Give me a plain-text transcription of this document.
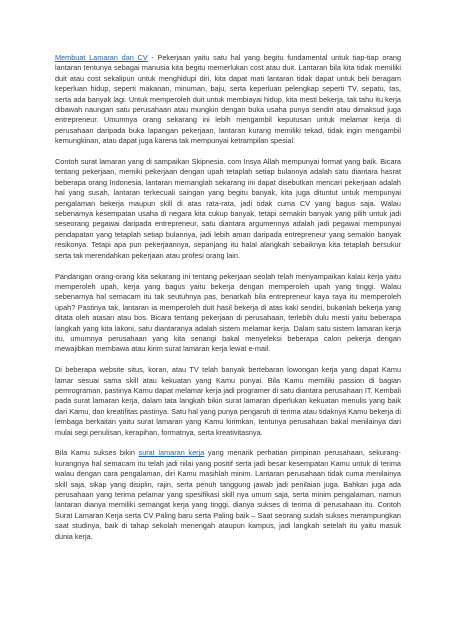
Membuat Lamaran dan CV - Pekerjaan yaitu satu hal yang begitu fundamental untuk tiap-tiap orang lantaran tentunya sebagai manusia kita begitu memerlukan cost atau duit. Lantaran bila kita tidak memiliki duit atau cost sekalipun untuk menghidupi diri, kita dapat mati lantaran tidak dapat untuk beli beragam keperluan hidup, seperti makanan, minuman, baju, serta keperluan pelengkap seperti TV, sepatu, tas, serta ada banyak lagi. Untuk memperoleh duit untuk membiayai hidup, kita mesti bekerja, tak tahu itu kerja dibawah naungan satu perusahaan atau mungkin dengan buka usaha punya sendiri atau dimaksud juga entrepreneur. Umumnya orang sekarang ini lebih mengambil keputusan untuk melamar kerja di perusahaan daripada buka lapangan pekerjaan, lantaran kurang memiliki tekad, tidak ingin mengambil kemungkinan, atau dapat juga karena tak mempunyai ketrampilan spesial.

Contoh surat lamaran yang di sampaikan Skipnesia. com Insya Allah mempunyai format yang baik. Bicara tentang pekerjaan, memiki pekerjaan dengan upah tetaplah setiap bulannya adalah satu diantara hasrat beberapa orang Indonesia, lantaran memanglah sekarang ini dapat disebutkan mencari pekerjaan adalah hal yang susah, lantaran terkecuali saingan yang begitu banyak, kita juga dituntut untuk mempunyai pengalaman bekerja maupun skill di atas rata-rata, jadi tidak cuma CV yang bagus saja. Walau sebenarnya kesempatan usaha di negara kita cukup banyak, tetapi semakin banyak yang pilih untuk jadi seseorang pegawai daripada entrepreneur, satu diantara argumennya adalah jadi pegawai mempunyai pendapatan yang tetaplah setiap bulannya, jadi lebih aman daripada entrepreneur yang semakin banyak resikonya. Tetapi apa pun pekerjaannya, sepanjang itu halal alangkah sebaiknya kita tetaplah bersukur serta tak merendahkan pekerjaan atau profesi orang lain.

Pandangan orang-orang kita sekarang ini tentang pekerjaan seolah telah menyampaikan kalau kerja yaitu memperoleh upah, kerja yang bagus yaitu bekerja dengan memperoleh upah yang tinggi. Walau sebenarnya hal semacam itu tak seutuhnya pas, benarkah bila entrepreneur kaya raya itu memperoleh upah? Pastinya tak, lantaran ia memperoleh duit hasil bekerja di atas kaki sendiri, bukanlah bekerja yang ditata oleh atasan atau bos. Bicara tentang pekerjaan di perusahaan, terlebih dulu mesti yaitu beberapa langkah yang kita lakoni, satu diantaranya adalah sistem melamar kerja. Dalam satu sistem lamaran kerja itu, umumnya perusahaan yang kita senangi bakal menyeleksi beberapa calon pekerja dengan mewajibkan membawa atau kirim surat lamaran kerja lewat e-mail.

Di beberapa website situs, koran, atau TV telah banyak bertebaran lowongan kerja yang dapat Kamu lamar sesuai sama skill atau kekuatan yang Kamu punyai. Bila Kamu memiliki passion di bagian pemrograman, pastinya Kamu dapat melamar kerja jadi programer di satu diantara perusahaan IT. Kembali pada surat lamaran kerja, dalam tata langkah bikin surat lamaran diperlukan kekuatan menulis yang baik dari Kamu, dan kreatifitas pastinya. Satu hal yang punya pengaruh di terima atau tidaknya Kamu bekerja di lembaga berkaitan yaitu surat lamaran yang Kamu kirimkan, tentunya perusahaan bakal menilainya dari mulai segi penulisan, kerapihan, formatnya, serta kreativitasnya.

Bila Kamu sukses bikin surat lamaran kerja yang menarik perhatian pimpinan perusahaan, sekurang-kurangnya hal semacam itu telah jadi nilai yang positif serta jadi besar kesempatan Kamu untuk di terima walau dengan cara pengalaman, diri Kamu masihlah minim. Lantaran perusahaan tidak cuma menilainya skill saja, sikap yang disiplin, rajin, serta penuh tanggung jawab jadi penilaian juga. Bahkan juga ada perusahaan yang terima pelamar yang spesifikasi skill nya umum saja, serta minim pengalaman, namun lantaran dianya memiliki semangat kerja yang tinggi, dianya sukses di terima di perusahaan itu. Contoh Surat Lamaran Kerja serta CV Paling baru serta Paling baik – Saat seorang sudah sukses merampungkan saat studinya, baik di tahap sekolah menengah ataupun kampus, jadi langkah setelah itu yaitu masuk dunia kerja.
